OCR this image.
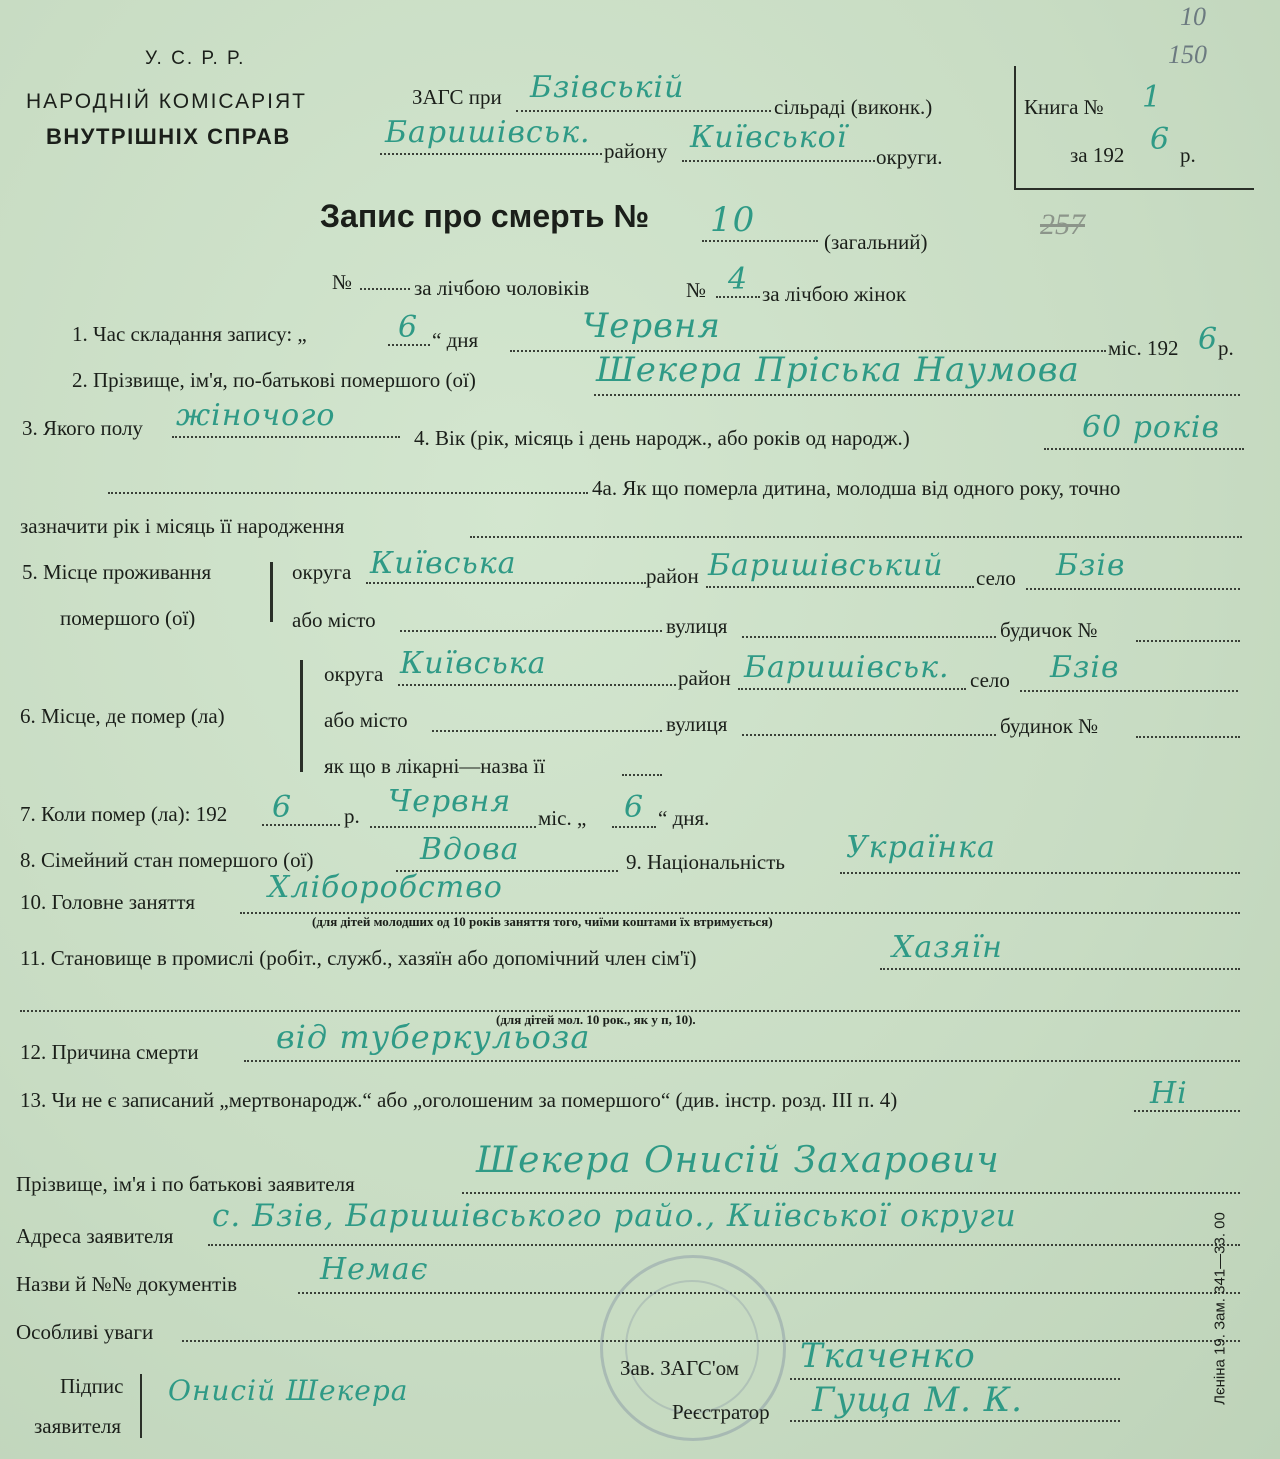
У. С. Р. Р.
НАРОДНІЙ КОМІСАРІЯТ
ВНУТРІШНІХ СПРАВ
ЗАГС при Бзівській
сільраді (виконк.)
Баришівськ.
району Київської
округи.
Книга № 1
за 192 6 р.
10
150
257
Запис про смерть № 10
(загальний)
№	за лічбою чоловіків	№ 4 за лічбою жінок
1. Час складання запису: „	6 “ дня	Червня
міс. 192 6 р.
2. Прізвище, ім'я, по-батькові помершого (ої)	Шекера Пріська Наумова
3. Якого полу жіночого
4. Вік (рік, місяць і день народж., або років од народж.)	60 років
4а. Як що померла дитина, молодша від одного року, точно
зазначити рік і місяць її народження
5. Місце проживання
помершого (ої)
округа Київська	район Баришівський село Бзів
або місто	вулиця	будичок №
6. Місце, де помер (ла)
округа Київська	район Баришівськ. село Бзів
або місто	вулиця	будинок №
як що в лікарні—назва її
7. Коли помер (ла): 192 6 р. Червня міс. „ 6 “ дня.
8. Сімейний стан помершого (ої)	Вдова	9. Національність Українка
10. Головне заняття Хліборобство
(для дітей молодших од 10 років заняття того, чиїми коштами їх втримується)
11. Становище в промислі (робіт., служб., хазяїн або допомічний член сім'ї)	Хазяїн
(для дітей мол. 10 рок., як у п, 10).
12. Причина смерти від туберкульоза
13. Чи не є записаний „мертвонародж.“ або „оголошеним за помершого“ (див. інстр. розд. III п. 4)	Ні
Прізвище, ім'я і по батькові заявителя
Шекера Онисій Захарович
Адреса заявителя
с. Бзів, Баришівського райо., Київської округи
Назви й №№ документів	Немає
Особливі уваги
Підпис
заявителя
Онисій Шекера
Зав. ЗАГС'ом Ткаченко
Реєстратор Гуща М. К.	Лєніна 19. Зам. 341—33. 00
